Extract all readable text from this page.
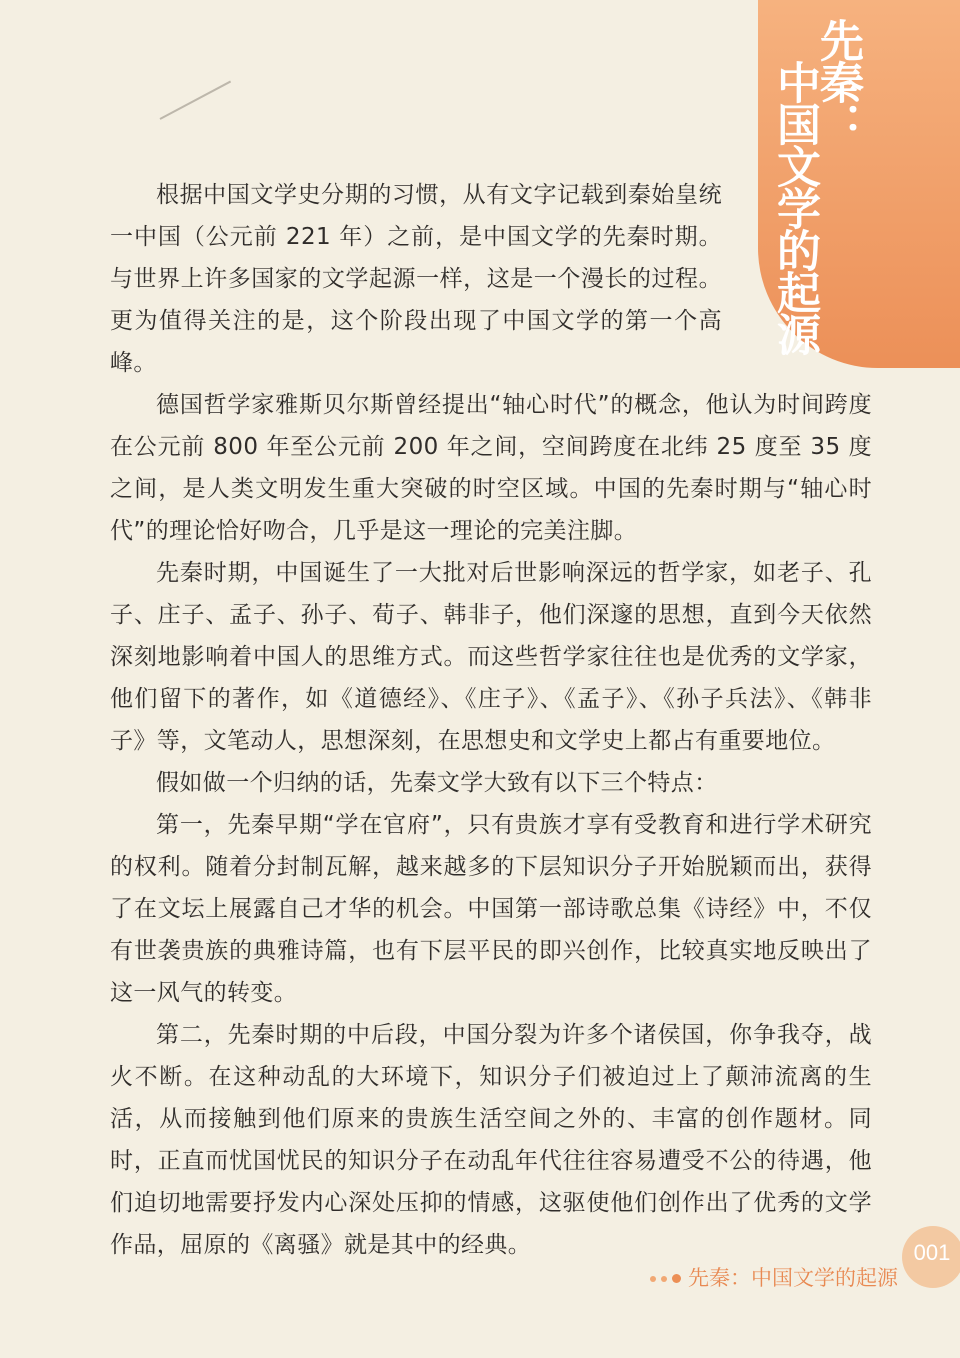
先秦：
中国文学的起源

根据中国文学史分期的习惯，从有文字记载到秦始皇统一中国（公元前 221 年）之前，是中国文学的先秦时期。与世界上许多国家的文学起源一样，这是一个漫长的过程。更为值得关注的是，这个阶段出现了中国文学的第一个高峰。

德国哲学家雅斯贝尔斯曾经提出“轴心时代”的概念，他认为时间跨度在公元前 800 年至公元前 200 年之间，空间跨度在北纬 25 度至 35 度之间，是人类文明发生重大突破的时空区域。中国的先秦时期与“轴心时代”的理论恰好吻合，几乎是这一理论的完美注脚。

先秦时期，中国诞生了一大批对后世影响深远的哲学家，如老子、孔子、庄子、孟子、孙子、荀子、韩非子，他们深邃的思想，直到今天依然深刻地影响着中国人的思维方式。而这些哲学家往往也是优秀的文学家，他们留下的著作，如《道德经》、《庄子》、《孟子》、《孙子兵法》、《韩非子》等，文笔动人，思想深刻，在思想史和文学史上都占有重要地位。

假如做一个归纳的话，先秦文学大致有以下三个特点：

第一，先秦早期“学在官府”，只有贵族才享有受教育和进行学术研究的权利。随着分封制瓦解，越来越多的下层知识分子开始脱颖而出，获得了在文坛上展露自己才华的机会。中国第一部诗歌总集《诗经》中，不仅有世袭贵族的典雅诗篇，也有下层平民的即兴创作，比较真实地反映出了这一风气的转变。

第二，先秦时期的中后段，中国分裂为许多个诸侯国，你争我夺，战火不断。在这种动乱的大环境下，知识分子们被迫过上了颠沛流离的生活，从而接触到他们原来的贵族生活空间之外的、丰富的创作题材。同时，正直而忧国忧民的知识分子在动乱年代往往容易遭受不公的待遇，他们迫切地需要抒发内心深处压抑的情感，这驱使他们创作出了优秀的文学作品，屈原的《离骚》就是其中的经典。	001
先秦：中国文学的起源
